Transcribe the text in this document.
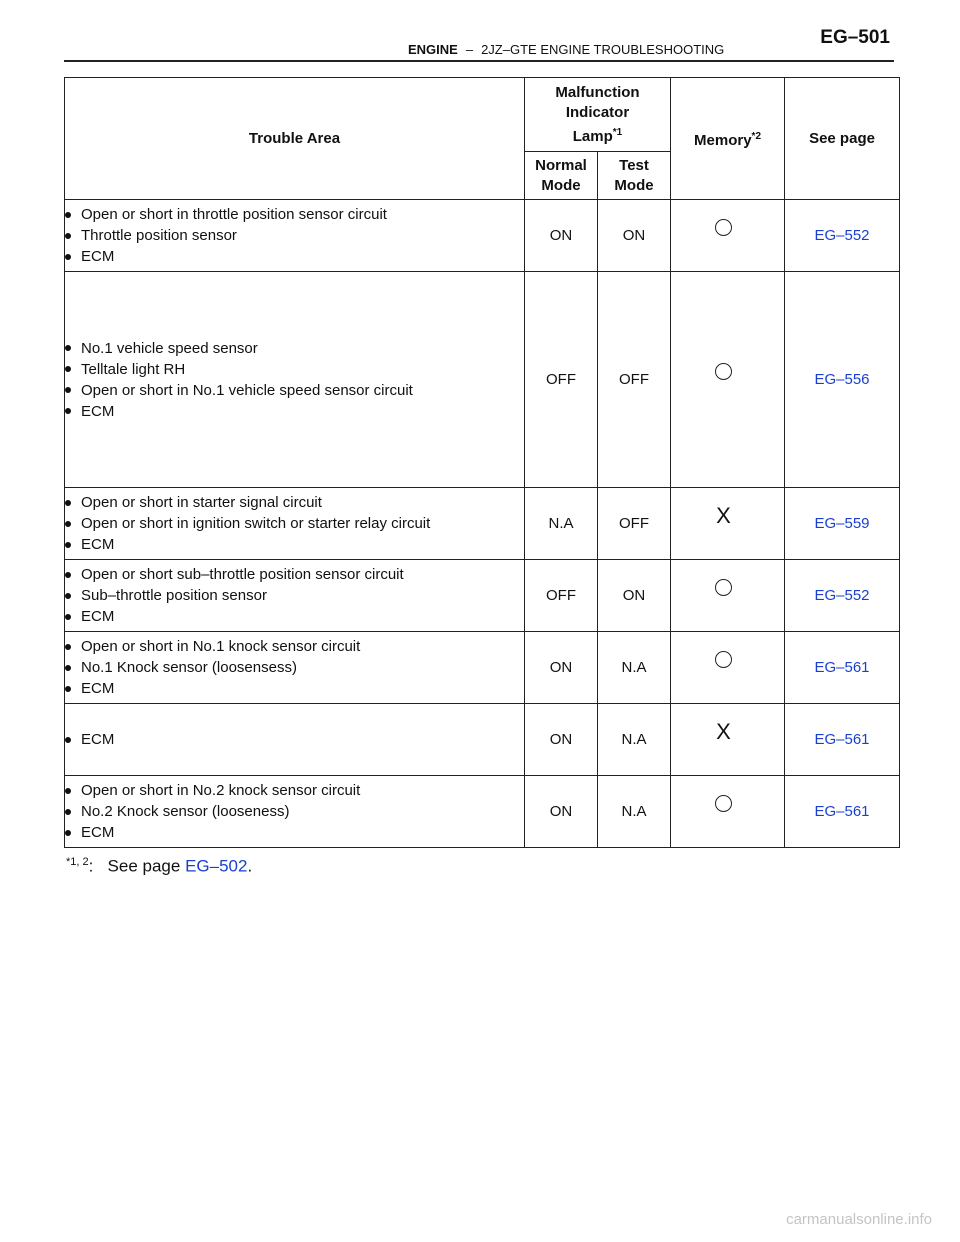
ENGINE – 2JZ–GTE ENGINE TROUBLESHOOTING
EG–501
Trouble Area	Malfunction Indicator Lamp$^{*1}$		Memory$^{*2}$	See page
	Normal Mode	Test Mode		

Open or short in throttle position sensor circuit
Throttle position sensor
ECM	ON	ON		EG–552

No.1 vehicle speed sensor
Telltale light RH
Open or short in No.1 vehicle speed sensor circuit
ECM	OFF	OFF		EG–556

Open or short in starter signal circuit
Open or short in ignition switch or starter relay circuit
ECM	N.A	OFF	X	EG–559

Open or short sub–throttle position sensor circuit
Sub–throttle position sensor
ECM	OFF	ON		EG–552

Open or short in No.1 knock sensor circuit
No.1 Knock sensor (loosensess)
ECM	ON	N.A		EG–561

ECM	ON	N.A	X	EG–561

Open or short in No.2 knock sensor circuit
No.2 Knock sensor (looseness)
ECM	ON	N.A		EG–561
$^{*1, 2}$:   See page EG–502.
carmanualsonline.info
